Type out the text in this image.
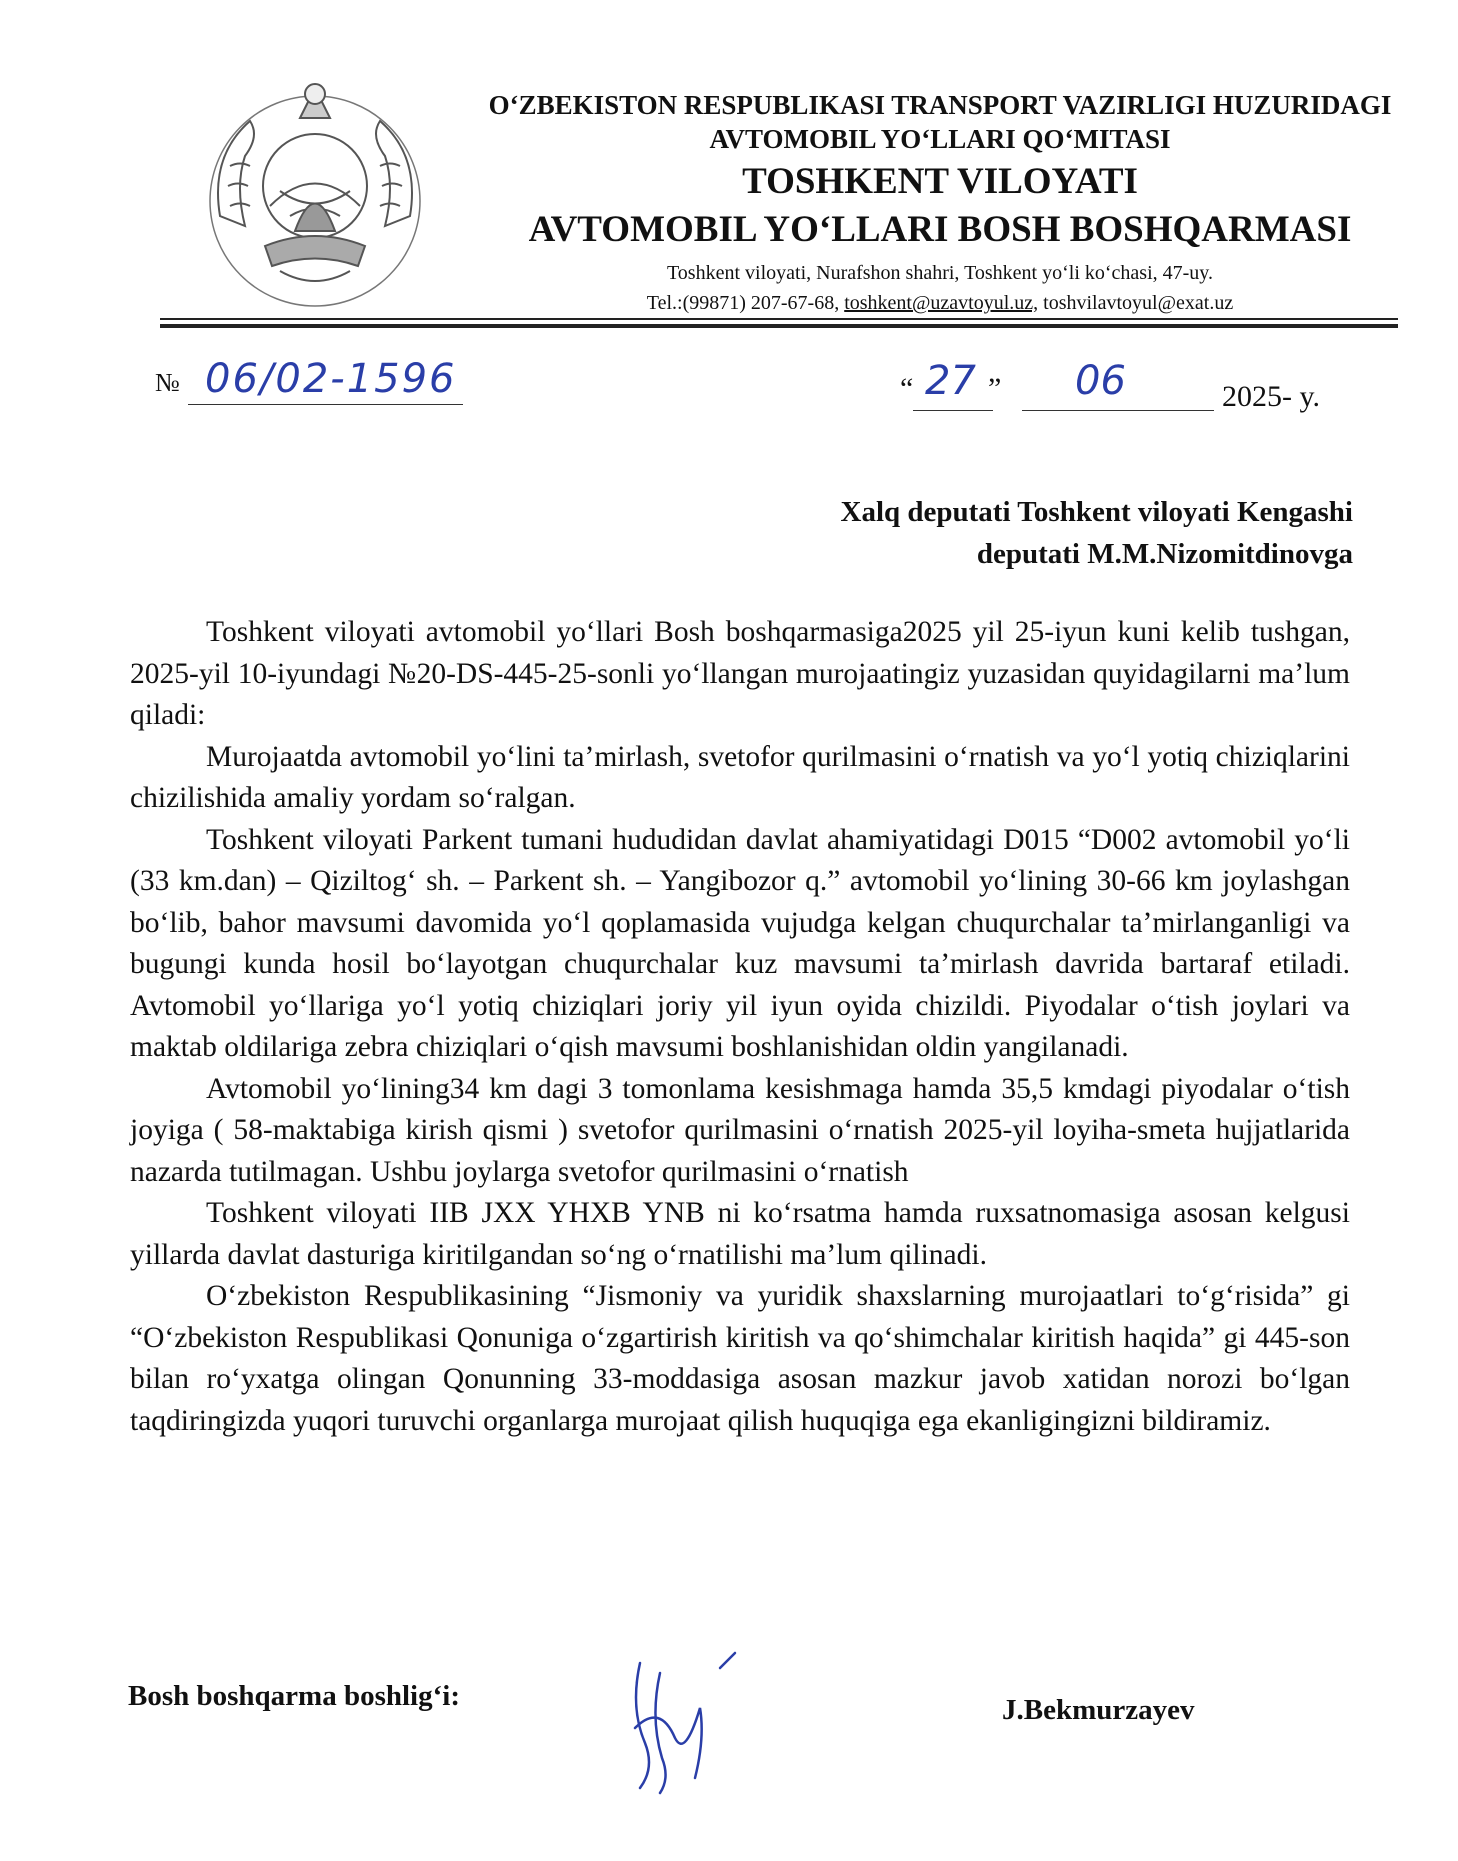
O‘ZBEKISTON RESPUBLIKASI TRANSPORT VAZIRLIGI HUZURIDAGI
AVTOMOBIL YO‘LLARI QO‘MITASI
TOSHKENT VILOYATI
AVTOMOBIL YO‘LLARI BOSH BOSHQARMASI
Toshkent viloyati, Nurafshon shahri, Toshkent yo‘li ko‘chasi, 47-uy.
Tel.:(99871) 207-67-68, toshkent@uzavtoyul.uz, toshvilavtoyul@exat.uz
№ 06/02-1596	“ 27 ” 06	2025- y.
Xalq deputati Toshkent viloyati Kengashi
deputati M.M.Nizomitdinovga

Toshkent viloyati avtomobil yo‘llari Bosh boshqarmasiga2025 yil 25-iyun kuni kelib tushgan, 2025-yil 10-iyundagi №20-DS-445-25-sonli yo‘llangan murojaatingiz yuzasidan quyidagilarni ma’lum qiladi:

Murojaatda avtomobil yo‘lini ta’mirlash, svetofor qurilmasini o‘rnatish va yo‘l yotiq chiziqlarini chizilishida amaliy yordam so‘ralgan.

Toshkent viloyati Parkent tumani hududidan davlat ahamiyatidagi D015 “D002 avtomobil yo‘li (33 km.dan) – Qiziltog‘ sh. – Parkent sh. – Yangibozor q.” avtomobil yo‘lining 30-66 km joylashgan bo‘lib, bahor mavsumi davomida yo‘l qoplamasida vujudga kelgan chuqurchalar ta’mirlanganligi va bugungi kunda hosil bo‘layotgan chuqurchalar kuz mavsumi ta’mirlash davrida bartaraf etiladi. Avtomobil yo‘llariga yo‘l yotiq chiziqlari joriy yil iyun oyida chizildi. Piyodalar o‘tish joylari va maktab oldilariga zebra chiziqlari o‘qish mavsumi boshlanishidan oldin yangilanadi.

Avtomobil yo‘lining34 km dagi 3 tomonlama kesishmaga hamda 35,5 kmdagi piyodalar o‘tish joyiga ( 58-maktabiga kirish qismi ) svetofor qurilmasini o‘rnatish 2025-yil loyiha-smeta hujjatlarida nazarda tutilmagan. Ushbu joylarga svetofor qurilmasini o‘rnatish

Toshkent viloyati IIB JXX YHXB YNB ni ko‘rsatma hamda ruxsatnomasiga asosan kelgusi yillarda davlat dasturiga kiritilgandan so‘ng o‘rnatilishi ma’lum qilinadi.

O‘zbekiston Respublikasining “Jismoniy va yuridik shaxslarning murojaatlari to‘g‘risida” gi “O‘zbekiston Respublikasi Qonuniga o‘zgartirish kiritish va qo‘shimchalar kiritish haqida” gi 445-son bilan ro‘yxatga olingan Qonunning 33-moddasiga asosan mazkur javob xatidan norozi bo‘lgan taqdiringizda yuqori turuvchi organlarga murojaat qilish huquqiga ega ekanligingizni bildiramiz.

Bosh boshqarma boshlig‘i:	J.Bekmurzayev
